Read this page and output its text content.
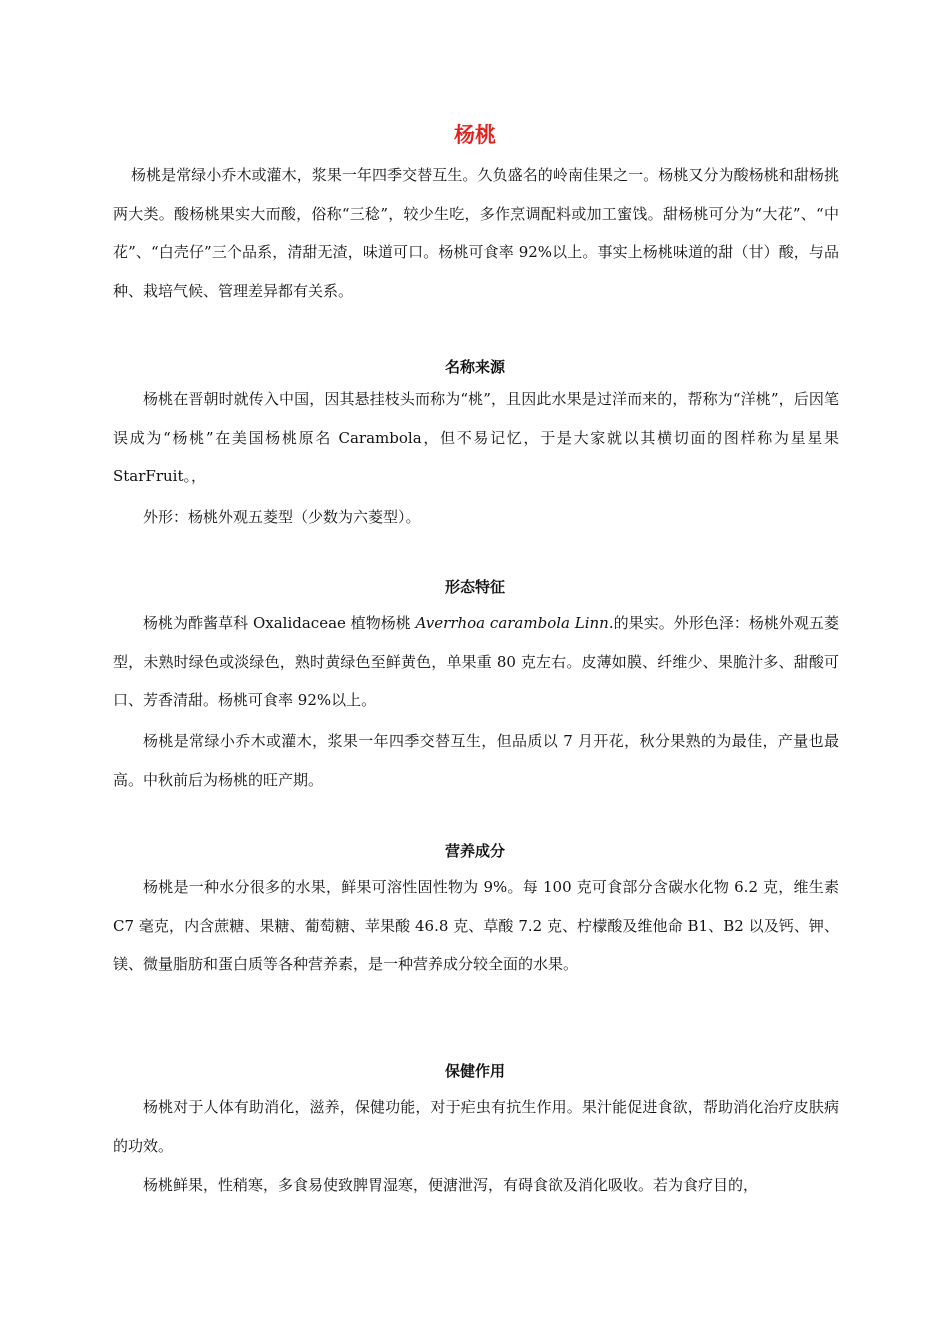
杨桃

杨桃是常绿小乔木或灌木，浆果一年四季交替互生。久负盛名的岭南佳果之一。杨桃又分为酸杨桃和甜杨挑两大类。酸杨桃果实大而酸，俗称“三稔”，较少生吃，多作烹调配料或加工蜜饯。甜杨桃可分为“大花”、“中花”、“白壳仔”三个品系，清甜无渣，味道可口。杨桃可食率 92%以上。事实上杨桃味道的甜（甘）酸，与品种、栽培气候、管理差异都有关系。

名称来源

杨桃在晋朝时就传入中国，因其悬挂枝头而称为“桃”，且因此水果是过洋而来的，帮称为“洋桃”，后因笔误成为“杨桃”在美国杨桃原名 Carambola，但不易记忆，于是大家就以其横切面的图样称为星星果 StarFruit。，

外形：杨桃外观五菱型（少数为六菱型）。

形态特征

杨桃为酢酱草科 Oxalidaceae 植物杨桃 Averrhoa carambola Linn.的果实。外形色泽：杨桃外观五菱型，未熟时绿色或淡绿色，熟时黄绿色至鲜黄色，单果重 80 克左右。皮薄如膜、纤维少、果脆汁多、甜酸可口、芳香清甜。杨桃可食率 92%以上。

杨桃是常绿小乔木或灌木，浆果一年四季交替互生，但品质以 7 月开花，秋分果熟的为最佳，产量也最高。中秋前后为杨桃的旺产期。

营养成分

杨桃是一种水分很多的水果，鲜果可溶性固性物为 9%。每 100 克可食部分含碳水化物 6.2 克，维生素 C7 毫克，内含蔗糖、果糖、葡萄糖、苹果酸 46.8 克、草酸 7.2 克、柠檬酸及维他命 B1、B2 以及钙、钾、镁、微量脂肪和蛋白质等各种营养素，是一种营养成分较全面的水果。

保健作用

杨桃对于人体有助消化，滋养，保健功能，对于疟虫有抗生作用。果汁能促进食欲，帮助消化治疗皮肤病的功效。

杨桃鲜果，性稍寒，多食易使致脾胃湿寒，便溏泄泻，有碍食欲及消化吸收。若为食疗目的，
